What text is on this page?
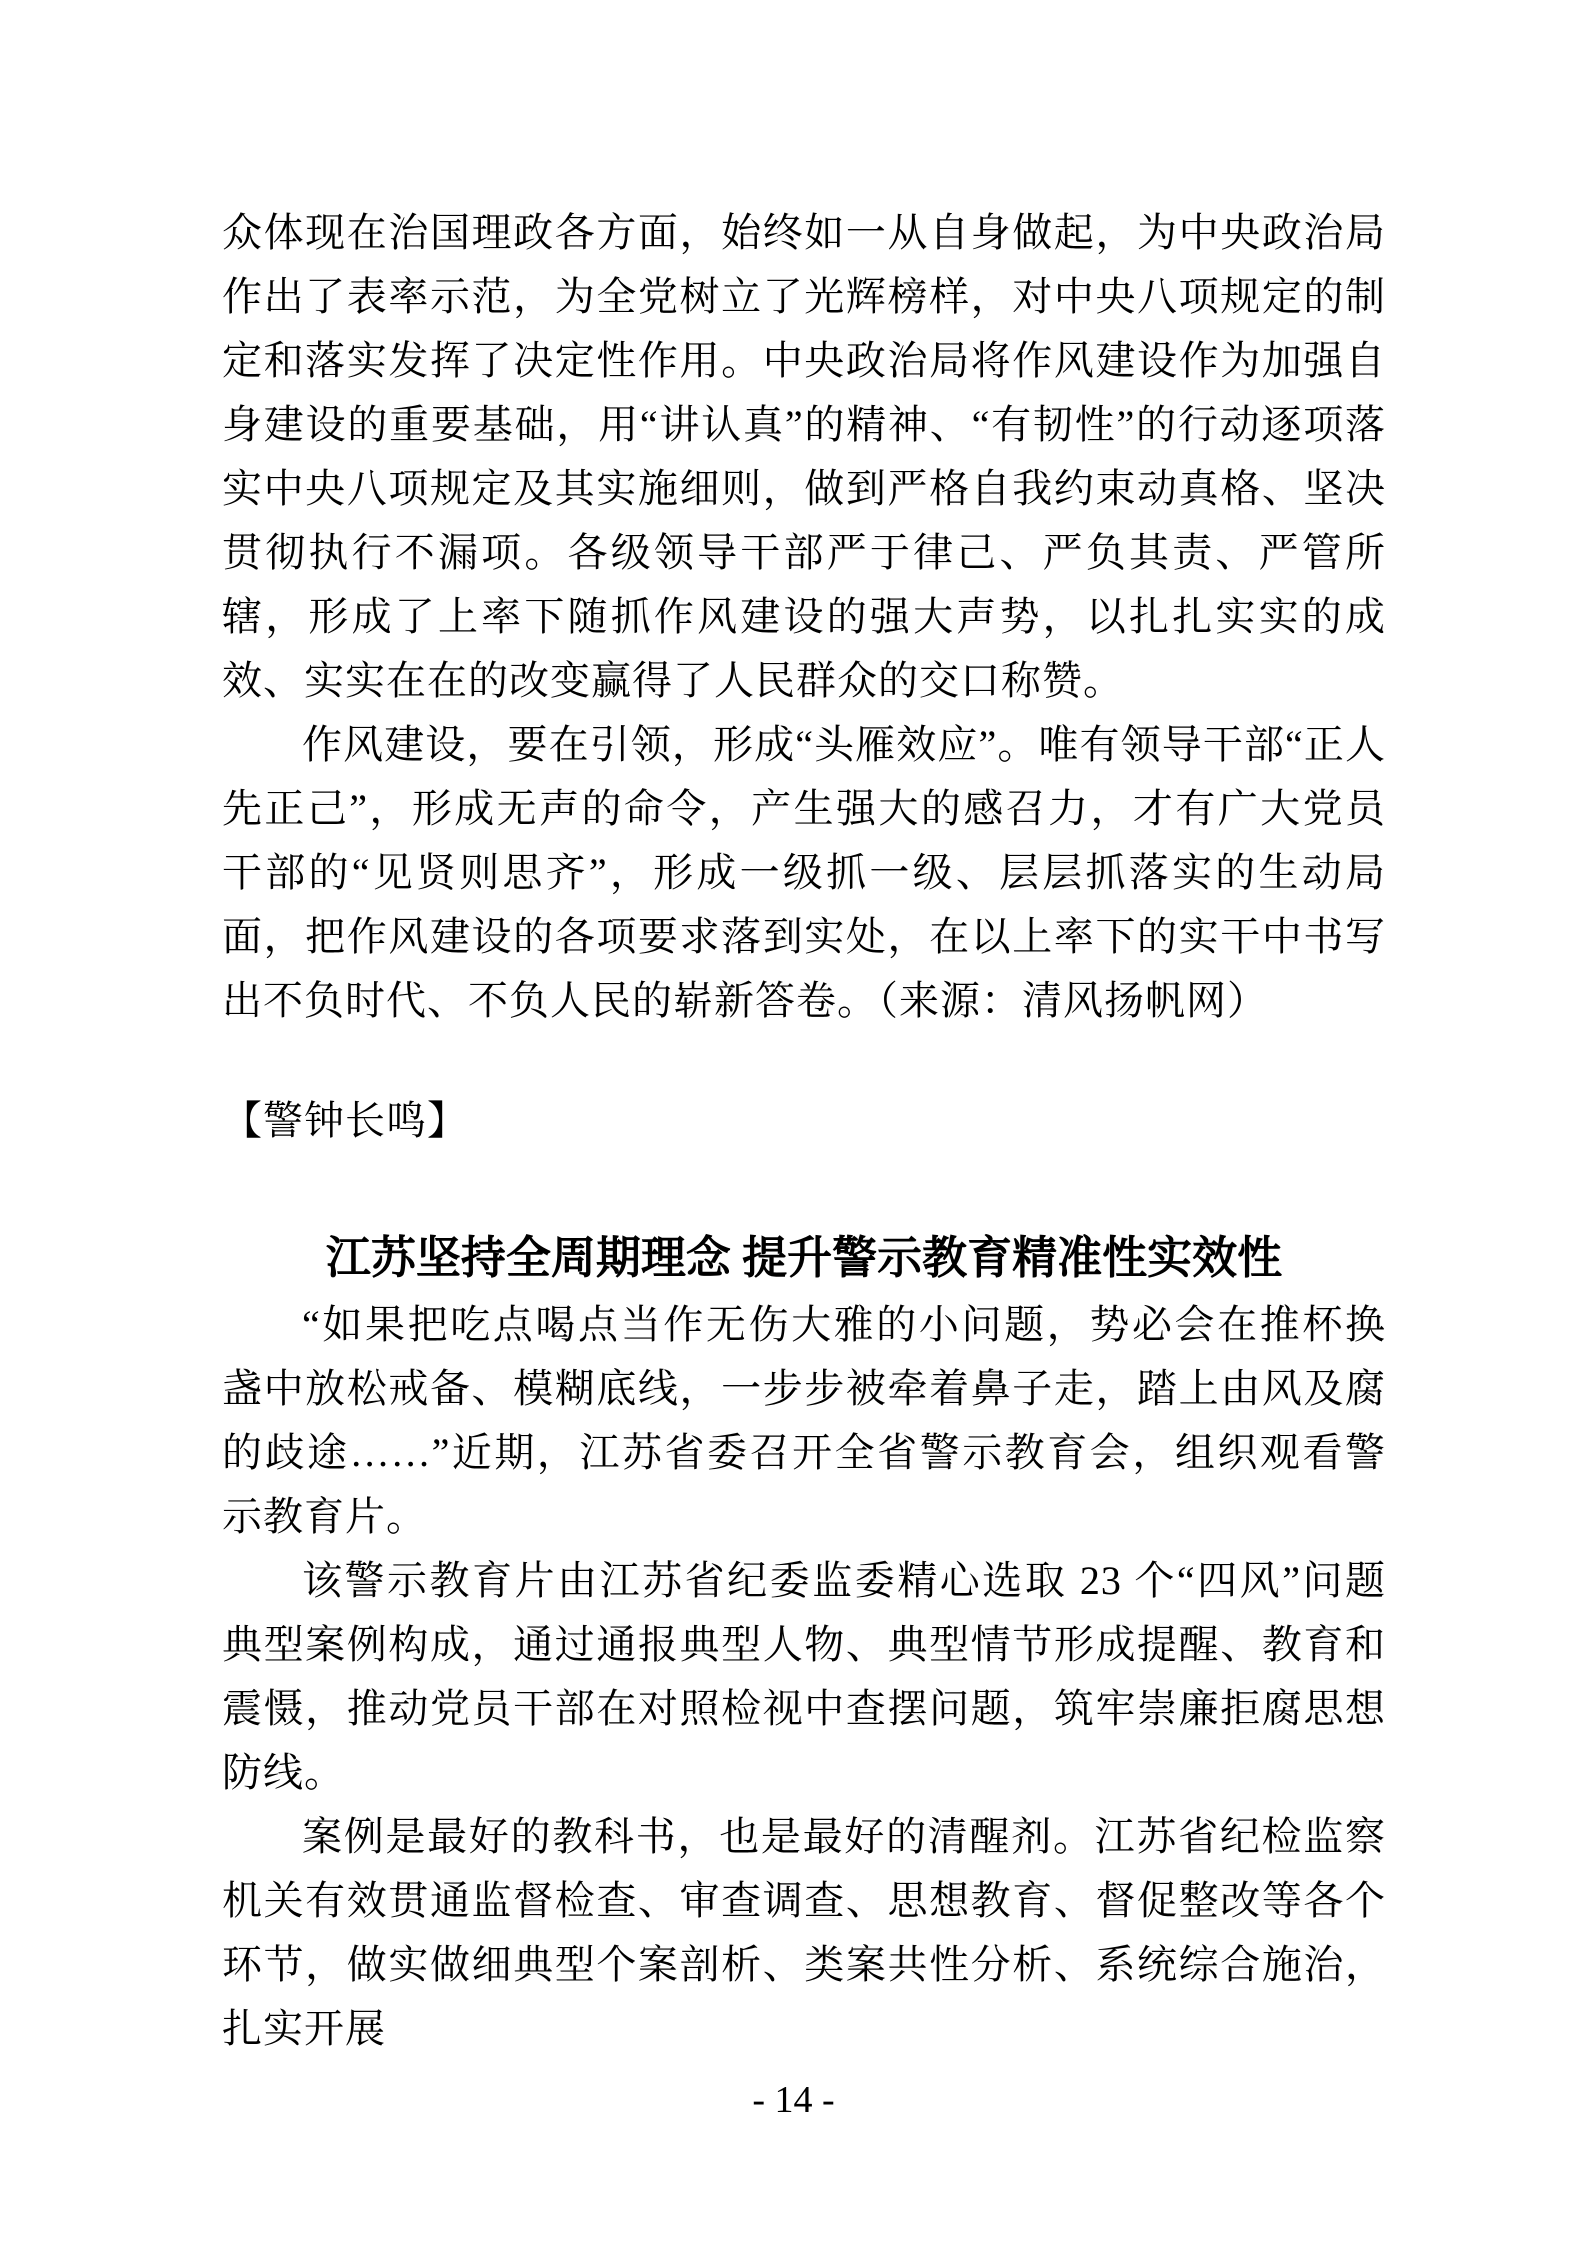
众体现在治国理政各方面，始终如一从自身做起，为中央政治局作出了表率示范，为全党树立了光辉榜样，对中央八项规定的制定和落实发挥了决定性作用。中央政治局将作风建设作为加强自身建设的重要基础，用“讲认真”的精神、“有韧性”的行动逐项落实中央八项规定及其实施细则，做到严格自我约束动真格、坚决贯彻执行不漏项。各级领导干部严于律己、严负其责、严管所辖，形成了上率下随抓作风建设的强大声势，以扎扎实实的成效、实实在在的改变赢得了人民群众的交口称赞。

作风建设，要在引领，形成“头雁效应”。唯有领导干部“正人先正己”，形成无声的命令，产生强大的感召力，才有广大党员干部的“见贤则思齐”，形成一级抓一级、层层抓落实的生动局面，把作风建设的各项要求落到实处，在以上率下的实干中书写出不负时代、不负人民的崭新答卷。（来源：清风扬帆网）

【警钟长鸣】

江苏坚持全周期理念 提升警示教育精准性实效性

“如果把吃点喝点当作无伤大雅的小问题，势必会在推杯换盏中放松戒备、模糊底线，一步步被牵着鼻子走，踏上由风及腐的歧途……”近期，江苏省委召开全省警示教育会，组织观看警示教育片。

该警示教育片由江苏省纪委监委精心选取 23 个“四风”问题典型案例构成，通过通报典型人物、典型情节形成提醒、教育和震慑，推动党员干部在对照检视中查摆问题，筑牢崇廉拒腐思想防线。

案例是最好的教科书，也是最好的清醒剂。江苏省纪检监察机关有效贯通监督检查、审查调查、思想教育、督促整改等各个环节，做实做细典型个案剖析、类案共性分析、系统综合施治，扎实开展

- 14 -
